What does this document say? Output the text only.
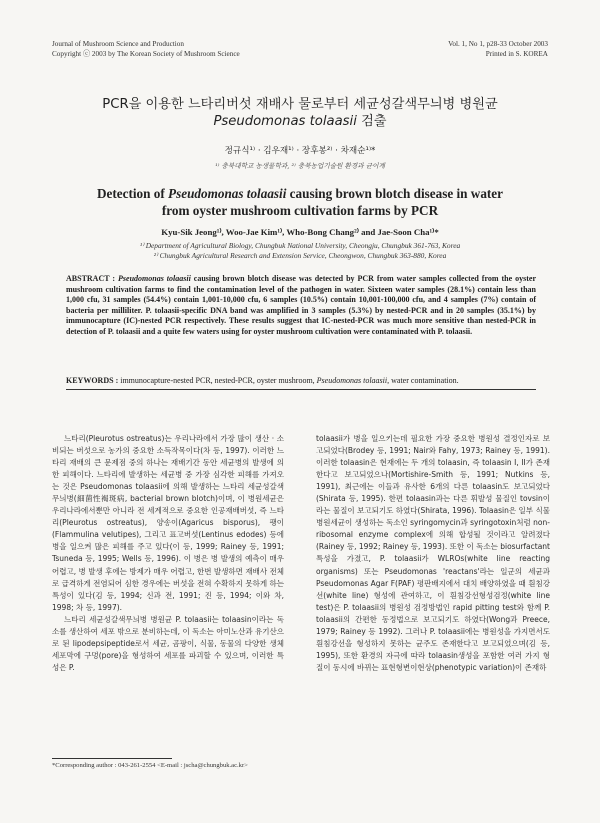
Journal of Mushroom Science and Production
Copyright ⓒ 2003 by The Korean Society of Mushroom Science
Vol. 1, No 1, p28-33 October 2003
Printed in S. KOREA
PCR을 이용한 느타리버섯 재배사 물로부터 세균성갈색무늬병 병원균
Pseudomonas tolaasii 검출
정규식¹⁾ · 김우재¹⁾ · 장후봉²⁾ · 차재순¹⁾*
¹⁾ 충북대학교 농생물학과, ²⁾ 충북농업기술원 환경과 균이계
Detection of Pseudomonas tolaasii causing brown blotch disease in water
from oyster mushroom cultivation farms by PCR
Kyu-Sik Jeong¹⁾, Woo-Jae Kim¹⁾, Who-Bong Chang²⁾ and Jae-Soon Cha¹⁾*
¹⁾ Department of Agricultural Biology, Chungbuk National University, Cheongju, Chungbuk 361-763, Korea
²⁾ Chungbuk Agricultural Research and Extension Service, Cheongwon, Chungbuk 363-880, Korea
ABSTRACT : Pseudomonas tolaasii causing brown blotch disease was detected by PCR from water samples collected from the oyster mushroom cultivation farms to find the contamination level of the pathogen in water. Sixteen water samples (28.1%) contain less than 1,000 cfu, 31 samples (54.4%) contain 1,001-10,000 cfu, 6 samples (10.5%) contain 10,001-100,000 cfu, and 4 samples (7%) contain of bacteria per milliliter. P. tolaasii-specific DNA band was amplified in 3 samples (5.3%) by nested-PCR and in 20 samples (35.1%) by immunocapture (IC)-nested PCR respectively. These results suggest that IC-nested-PCR was much more sensitive than nested-PCR in detection of P. tolaasii and a quite few waters using for oyster mushroom cultivation were contaminated with P. tolaasii.
KEYWORDS : immunocapture-nested PCR, nested-PCR, oyster mushroom, Pseudomonas tolaasii, water contamination.

느타리(Pleurotus ostreatus)는 우리나라에서 가장 많이 생산 · 소비되는 버섯으로 농가의 중요한 소득작목이다(차 등, 1997). 이러한 느타리 재배의 큰 문제점 중의 하나는 재배기간 동안 세균병의 발생에 의한 피해이다. 느타리에 발생하는 세균병 중 가장 심각한 피해를 가져오는 것은 Pseudomonas tolaasii에 의해 발생하는 느타리 세균성갈색무늬병(細菌性褐斑病, bacterial brown blotch)이며, 이 병원세균은 우리나라에서뿐만 아니라 전 세계적으로 중요한 인공재배버섯, 즉 느타리(Pleurotus ostreatus), 양송이(Agaricus bisporus), 팽이(Flammulina velutipes), 그리고 표고버섯(Lentinus edodes) 등에 병을 일으켜 많은 피해를 주고 있다(이 등, 1999; Rainey 등, 1991; Tsuneda 등, 1995; Wells 등, 1996). 이 병은 병 발생의 예측이 매우 어렵고, 병 발생 후에는 방제가 매우 어렵고, 한번 발생하면 재배사 전체로 급격하게 전염되어 심한 경우에는 버섯을 전혀 수확하지 못하게 하는 특성이 있다(김 등, 1994; 신과 전, 1991; 진 등, 1994; 이와 차, 1998; 차 등, 1997).

느타리 세균성갈색무늬병 병원균 P. tolaasii는 tolaasin이라는 독소를 생산하여 세포 밖으로 분비하는데, 이 독소는 아미노산과 유기산으로 된 lipodepsipeptide로서 세균, 곰팡이, 식물, 동물의 다양한 생체 세포막에 구멍(pore)을 형성하여 세포를 파괴할 수 있으며, 이러한 특성은 P.

tolaasii가 병을 일으키는데 필요한 가장 중요한 병원성 결정인자로 보고되었다(Brodey 등, 1991; Nair와 Fahy, 1973; Rainey 등, 1991). 이러한 tolaasin은 현재에는 두 개의 tolaasin, 즉 tolaasin I, II가 존재한다고 보고되었으나(Mortishire-Smith 등, 1991; Nutkins 등, 1991), 최근에는 이들과 유사한 6개의 다른 tolaasin도 보고되었다(Shirata 등, 1995). 한편 tolaasin과는 다른 휘발성 물질인 tovsin이라는 물질이 보고되기도 하였다(Shirata, 1996). Tolaasin은 일부 식물병원세균이 생성하는 독소인 syringomycin과 syringotoxin처럼 non-ribosomal enzyme complex에 의해 합성될 것이라고 알려졌다(Rainey 등, 1992; Rainey 등, 1993). 또한 이 독소는 biosurfactant 특성을 가졌고, P. tolaasii가 WLROs(white line reacting organisms) 또는 Pseudomonas 'reactans'라는 일군의 세균과 Pseudomonas Agar F(PAF) 평판배지에서 대치 배양하였을 때 흰침강선(white line) 형성에 관여하고, 이 흰침강선형성검정(white line test)은 P. tolaasii의 병원성 검정방법인 rapid pitting test와 함께 P. tolaasii의 간편한 동정법으로 보고되기도 하였다(Wong과 Preece, 1979; Rainey 등 1992). 그러나 P. tolaasii에는 병원성을 가지면서도 흰침강선을 형성하지 못하는 균주도 존재한다고 보고되었으며(김 등, 1995), 또한 환경의 자극에 따라 tolaasin생성을 포함한 여러 가지 형질이 동시에 바뀌는 표현형변이현상(phenotypic variation)이 존재하

*Corresponding author : 043-261-2554 <E-mail : jscha@chungbuk.ac.kr>
